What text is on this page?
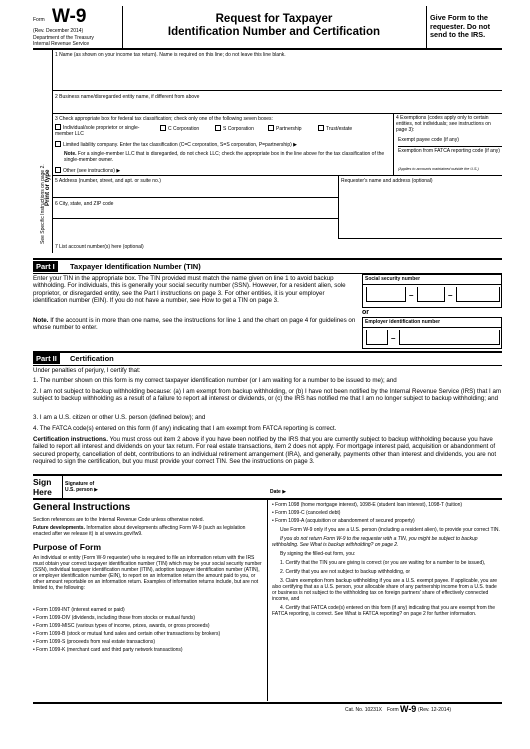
Form W-9
(Rev. December 2014)
Department of the Treasury
Internal Revenue Service
Request for Taxpayer
Identification Number and Certification
Give Form to the requester. Do not send to the IRS.
Print or type
See Specific Instructions on page 2.
1 Name (as shown on your income tax return). Name is required on this line; do not leave this line blank.
2 Business name/disregarded entity name, if different from above
3 Check appropriate box for federal tax classification; check only one of the following seven boxes:
Individual/sole proprietor or single-member LLC
C Corporation	S Corporation	Partnership	Trust/estate
Limited liability company. Enter the tax classification (C=C corporation, S=S corporation, P=partnership) ▶
Note. For a single-member LLC that is disregarded, do not check LLC; check the appropriate box in the line above for the tax classification of the single-member owner.
Other (see instructions) ▶
4 Exemptions (codes apply only to certain entities, not individuals; see instructions on page 3):
Exempt payee code (if any)
Exemption from FATCA reporting code (if any)
(Applies to accounts maintained outside the U.S.)
5 Address (number, street, and apt. or suite no.)	Requester's name and address (optional)
6 City, state, and ZIP code
7 List account number(s) here (optional)
Part I	Taxpayer Identification Number (TIN)
Enter your TIN in the appropriate box. The TIN provided must match the name given on line 1 to avoid backup withholding. For individuals, this is generally your social security number (SSN). However, for a resident alien, sole proprietor, or disregarded entity, see the Part I instructions on page 3. For other entities, it is your employer identification number (EIN). If you do not have a number, see How to get a TIN on page 3.
Note. If the account is in more than one name, see the instructions for line 1 and the chart on page 4 for guidelines on whose number to enter.
Social security number
–	–
or
Employer identification number
–
Part II	Certification
Under penalties of perjury, I certify that:
1. The number shown on this form is my correct taxpayer identification number (or I am waiting for a number to be issued to me); and
2. I am not subject to backup withholding because: (a) I am exempt from backup withholding, or (b) I have not been notified by the Internal Revenue Service (IRS) that I am subject to backup withholding as a result of a failure to report all interest or dividends, or (c) the IRS has notified me that I am no longer subject to backup withholding; and
3. I am a U.S. citizen or other U.S. person (defined below); and
4. The FATCA code(s) entered on this form (if any) indicating that I am exempt from FATCA reporting is correct.
Certification instructions. You must cross out item 2 above if you have been notified by the IRS that you are currently subject to backup withholding because you have failed to report all interest and dividends on your tax return. For real estate transactions, item 2 does not apply. For mortgage interest paid, acquisition or abandonment of secured property, cancellation of debt, contributions to an individual retirement arrangement (IRA), and generally, payments other than interest and dividends, you are not required to sign the certification, but you must provide your correct TIN. See the instructions on page 3.
Sign Here
Signature of U.S. person ▶	Date ▶
General Instructions
Section references are to the Internal Revenue Code unless otherwise noted.
Future developments. Information about developments affecting Form W-9 (such as legislation enacted after we release it) is at www.irs.gov/fw9.
Purpose of Form
An individual or entity (Form W-9 requester) who is required to file an information return with the IRS must obtain your correct taxpayer identification number (TIN) which may be your social security number (SSN), individual taxpayer identification number (ITIN), adoption taxpayer identification number (ATIN), or employer identification number (EIN), to report on an information return the amount paid to you, or other amount reportable on an information return. Examples of information returns include, but are not limited to, the following:

• Form 1099-INT (interest earned or paid)

• Form 1099-DIV (dividends, including those from stocks or mutual funds)

• Form 1099-MISC (various types of income, prizes, awards, or gross proceeds)

• Form 1099-B (stock or mutual fund sales and certain other transactions by brokers)

• Form 1099-S (proceeds from real estate transactions)

• Form 1099-K (merchant card and third party network transactions)

• Form 1098 (home mortgage interest), 1098-E (student loan interest), 1098-T (tuition)

• Form 1099-C (canceled debt)

• Form 1099-A (acquisition or abandonment of secured property)

Use Form W-9 only if you are a U.S. person (including a resident alien), to provide your correct TIN.

If you do not return Form W-9 to the requester with a TIN, you might be subject to backup withholding. See What is backup withholding? on page 2.

By signing the filled-out form, you:

1. Certify that the TIN you are giving is correct (or you are waiting for a number to be issued),

2. Certify that you are not subject to backup withholding, or

3. Claim exemption from backup withholding if you are a U.S. exempt payee. If applicable, you are also certifying that as a U.S. person, your allocable share of any partnership income from a U.S. trade or business is not subject to the withholding tax on foreign partners' share of effectively connected income, and

4. Certify that FATCA code(s) entered on this form (if any) indicating that you are exempt from the FATCA reporting, is correct. See What is FATCA reporting? on page 2 for further information.

Cat. No. 10231X Form W-9 (Rev. 12-2014)
